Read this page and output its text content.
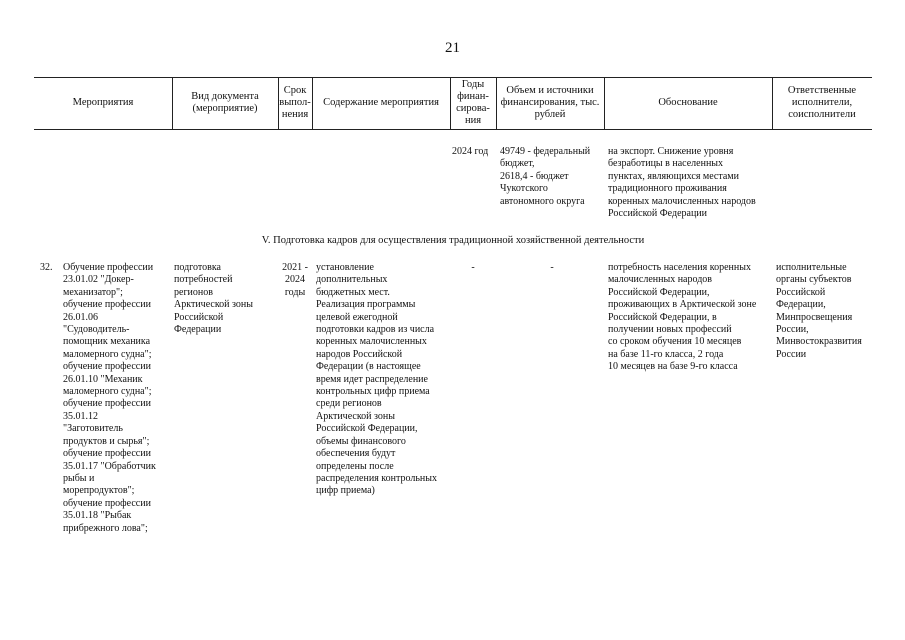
21
Мероприятия
Вид документа (мероприятие)
Срок выпол-нения
Содержание мероприятия
Годы финан-сирова-ния
Объем и источники финансирования, тыс. рублей
Обоснование
Ответственные исполнители, соисполнители
2024 год 49749 - федеральный
бюджет,
2618,4 - бюджет
Чукотского
автономного округа
на экспорт. Снижение уровня
безработицы в населенных
пунктах, являющихся местами
традиционного проживания
коренных малочисленных народов
Российской Федерации
V. Подготовка кадров для осуществления традиционной хозяйственной деятельности
32. Обучение профессии
23.01.02 "Докер-
механизатор";
обучение профессии
26.01.06
"Судоводитель-
помощник механика
маломерного судна";
обучение профессии
26.01.10 "Механик
маломерного судна";
обучение профессии
35.01.12
"Заготовитель
продуктов и сырья";
обучение профессии
35.01.17 "Обработчик
рыбы и
морепродуктов";
обучение профессии
35.01.18 "Рыбак
прибрежного лова";
подготовка
потребностей
регионов
Арктической зоны
Российской
Федерации
2021 -
2024
годы
установление
дополнительных
бюджетных мест.
Реализация программы
целевой ежегодной
подготовки кадров из числа
коренных малочисленных
народов Российской
Федерации (в настоящее
время идет распределение
контрольных цифр приема
среди регионов
Арктической зоны
Российской Федерации,
объемы финансового
обеспечения будут
определены после
распределения контрольных
цифр приема)
-	-	потребность населения коренных
малочисленных народов
Российской Федерации,
проживающих в Арктической зоне
Российской Федерации, в
получении новых профессий
со сроком обучения 10 месяцев
на базе 11-го класса, 2 года
10 месяцев на базе 9-го класса
исполнительные
органы субъектов
Российской
Федерации,
Минпросвещения
России,
Минвостокразвития
России
